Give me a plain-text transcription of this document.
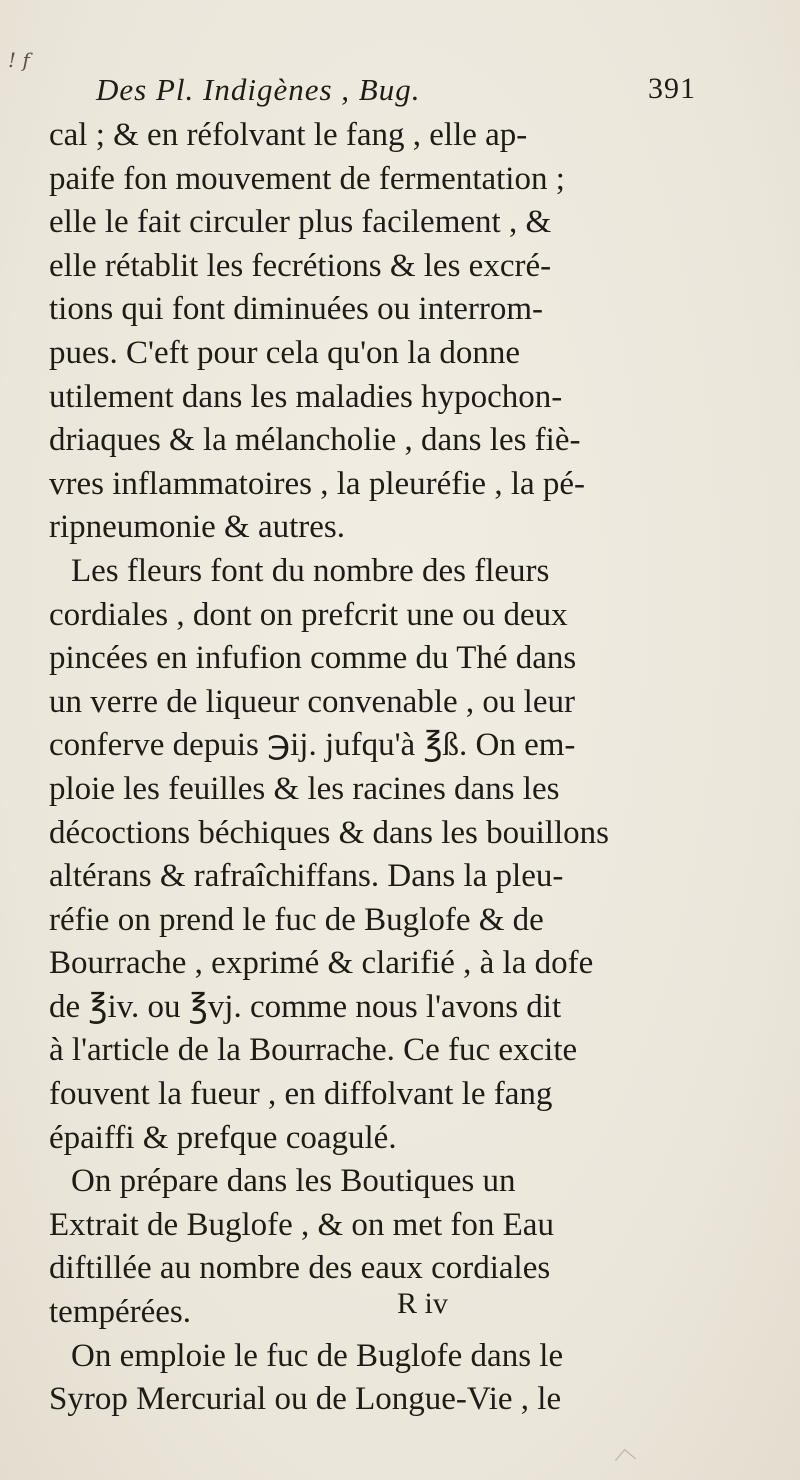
! f
Des Pl. Indigènes , Bug.	391
cal ; & en réfolvant le fang , elle ap-
paife fon mouvement de fermentation ;
elle le fait circuler plus facilement , &
elle rétablit les fecrétions & les excré-
tions qui font diminuées ou interrom-
pues. C'eft pour cela qu'on la donne
utilement dans les maladies hypochon-
driaques & la mélancholie , dans les fiè-
vres inflammatoires , la pleuréfie , la pé-
ripneumonie & autres.
Les fleurs font du nombre des fleurs
cordiales , dont on prefcrit une ou deux
pincées en infufion comme du Thé dans
un verre de liqueur convenable , ou leur
conferve depuis ℈ij. jufqu'à ℥ß. On em-
ploie les feuilles & les racines dans les
décoctions béchiques & dans les bouillons
altérans & rafraîchiffans. Dans la pleu-
réfie on prend le fuc de Buglofe & de
Bourrache , exprimé & clarifié , à la dofe
de ℥iv. ou ℥vj. comme nous l'avons dit
à l'article de la Bourrache. Ce fuc excite
fouvent la fueur , en diffolvant le fang
épaiffi & prefque coagulé.
On prépare dans les Boutiques un
Extrait de Buglofe , & on met fon Eau
diftillée au nombre des eaux cordiales
tempérées.
On emploie le fuc de Buglofe dans le
Syrop Mercurial ou de Longue-Vie , le
R iv
